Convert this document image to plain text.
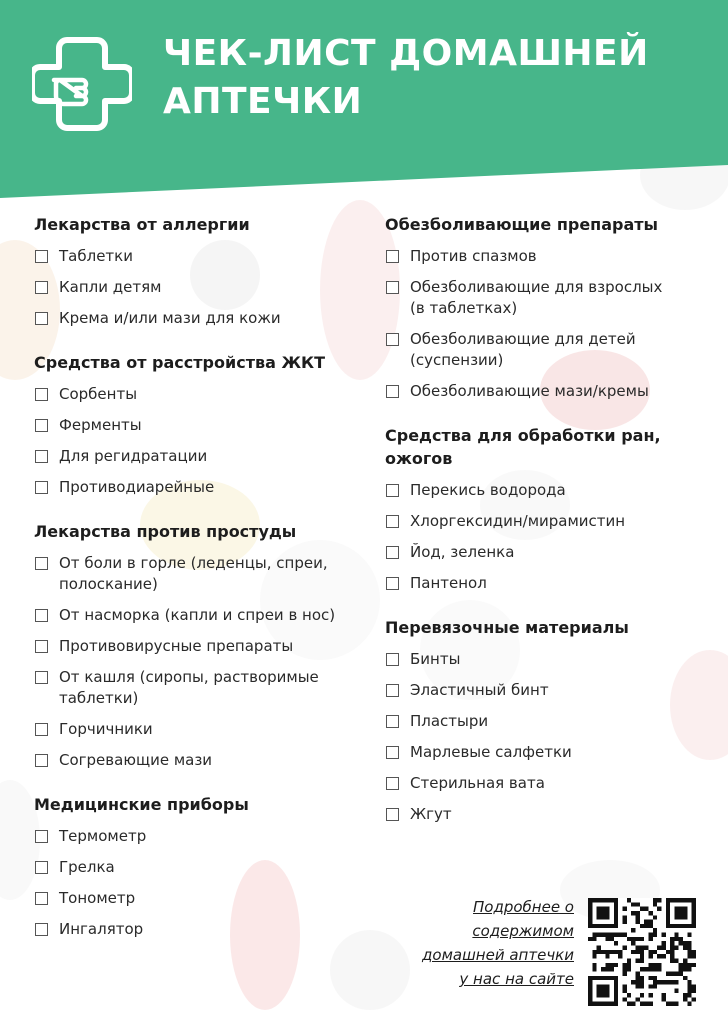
ЧЕК-ЛИСТ ДОМАШНЕЙ
АПТЕЧКИ
Лекарства от аллергии
Таблетки
Капли детям
Крема и/или мази для кожи
Средства от расстройства ЖКТ
Сорбенты
Ферменты
Для регидратации
Противодиарейные
Лекарства против простуды
От боли в горле (леденцы, спреи,
полоскание)
От насморка (капли и спреи в нос)
Противовирусные препараты
От кашля (сиропы, растворимые
таблетки)
Горчичники
Согревающие мази
Медицинские приборы
Термометр
Грелка
Тонометр
Ингалятор
Обезболивающие препараты
Против спазмов
Обезболивающие для взрослых
(в таблетках)
Обезболивающие для детей
(суспензии)
Обезболивающие мази/кремы
Средства для обработки ран,
ожогов
Перекись водорода
Хлоргексидин/мирамистин
Йод, зеленка
Пантенол
Перевязочные материалы
Бинты
Эластичный бинт
Пластыри
Марлевые салфетки
Стерильная вата
Жгут
Подробнее о
содержимом
домашней аптечки
у нас на сайте
